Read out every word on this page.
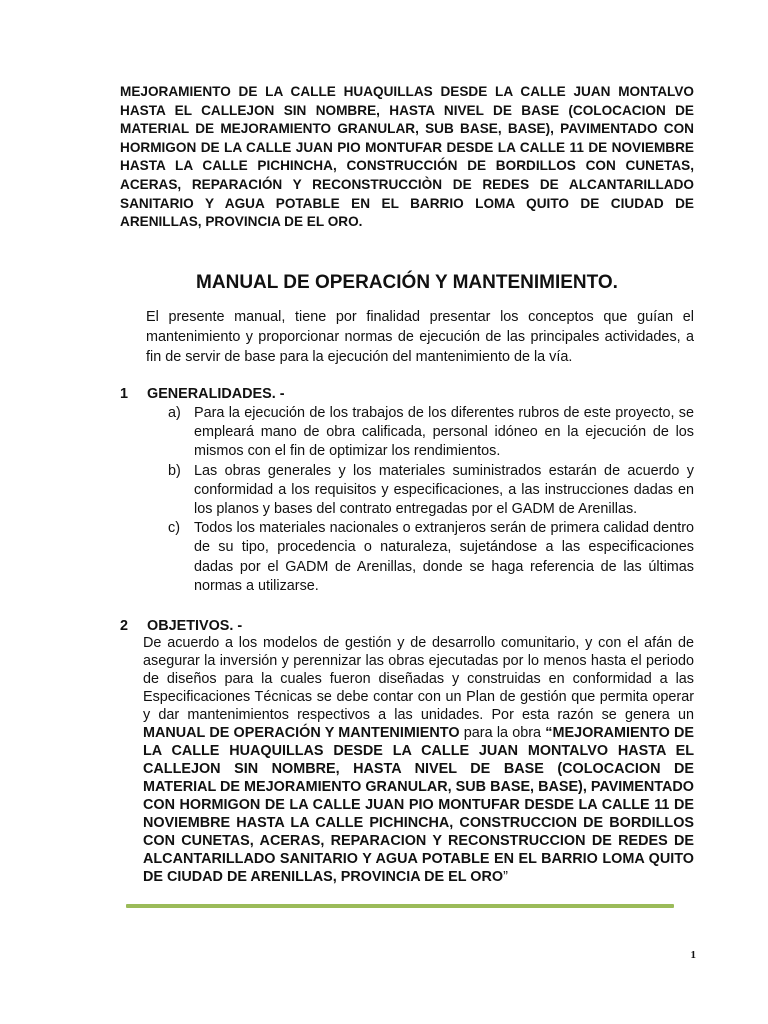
MEJORAMIENTO DE LA CALLE HUAQUILLAS DESDE LA CALLE JUAN MONTALVO HASTA EL CALLEJON SIN NOMBRE, HASTA NIVEL DE BASE (COLOCACION DE MATERIAL DE MEJORAMIENTO GRANULAR, SUB BASE, BASE), PAVIMENTADO CON HORMIGON DE LA CALLE JUAN PIO MONTUFAR DESDE LA CALLE 11 DE NOVIEMBRE HASTA LA CALLE PICHINCHA, CONSTRUCCIÓN DE BORDILLOS CON CUNETAS, ACERAS, REPARACIÓN Y RECONSTRUCCIÒN DE REDES DE ALCANTARILLADO SANITARIO Y AGUA POTABLE EN EL BARRIO LOMA QUITO DE CIUDAD DE ARENILLAS, PROVINCIA DE EL ORO.
MANUAL DE OPERACIÓN Y MANTENIMIENTO.

El presente manual, tiene por finalidad presentar los conceptos que guían el mantenimiento y proporcionar normas de ejecución de las principales actividades, a fin de servir de base para la ejecución del mantenimiento de la vía.

1 GENERALIDADES. -
a) Para la ejecución de los trabajos de los diferentes rubros de este proyecto, se empleará mano de obra calificada, personal idóneo en la ejecución de los mismos con el fin de optimizar los rendimientos.
b) Las obras generales y los materiales suministrados estarán de acuerdo y conformidad a los requisitos y especificaciones, a las instrucciones dadas en los planos y bases del contrato entregadas por el GADM de Arenillas.
c) Todos los materiales nacionales o extranjeros serán de primera calidad dentro de su tipo, procedencia o naturaleza, sujetándose a las especificaciones dadas por el GADM de Arenillas, donde se haga referencia de las últimas normas a utilizarse.
2 OBJETIVOS. -

De acuerdo a los modelos de gestión y de desarrollo comunitario, y con el afán de asegurar la inversión y perennizar las obras ejecutadas por lo menos hasta el periodo de diseños para la cuales fueron diseñadas y construidas en conformidad a las Especificaciones Técnicas se debe contar con un Plan de gestión que permita operar y dar mantenimientos respectivos a las unidades. Por esta razón se genera un MANUAL DE OPERACIÓN Y MANTENIMIENTO para la obra “MEJORAMIENTO DE LA CALLE HUAQUILLAS DESDE LA CALLE JUAN MONTALVO HASTA EL CALLEJON SIN NOMBRE, HASTA NIVEL DE BASE (COLOCACION DE MATERIAL DE MEJORAMIENTO GRANULAR, SUB BASE, BASE), PAVIMENTADO CON HORMIGON DE LA CALLE JUAN PIO MONTUFAR DESDE LA CALLE 11 DE NOVIEMBRE HASTA LA CALLE PICHINCHA, CONSTRUCCION DE BORDILLOS CON CUNETAS, ACERAS, REPARACION Y RECONSTRUCCION DE REDES DE ALCANTARILLADO SANITARIO Y AGUA POTABLE EN EL BARRIO LOMA QUITO DE CIUDAD DE ARENILLAS, PROVINCIA DE EL ORO”

1
